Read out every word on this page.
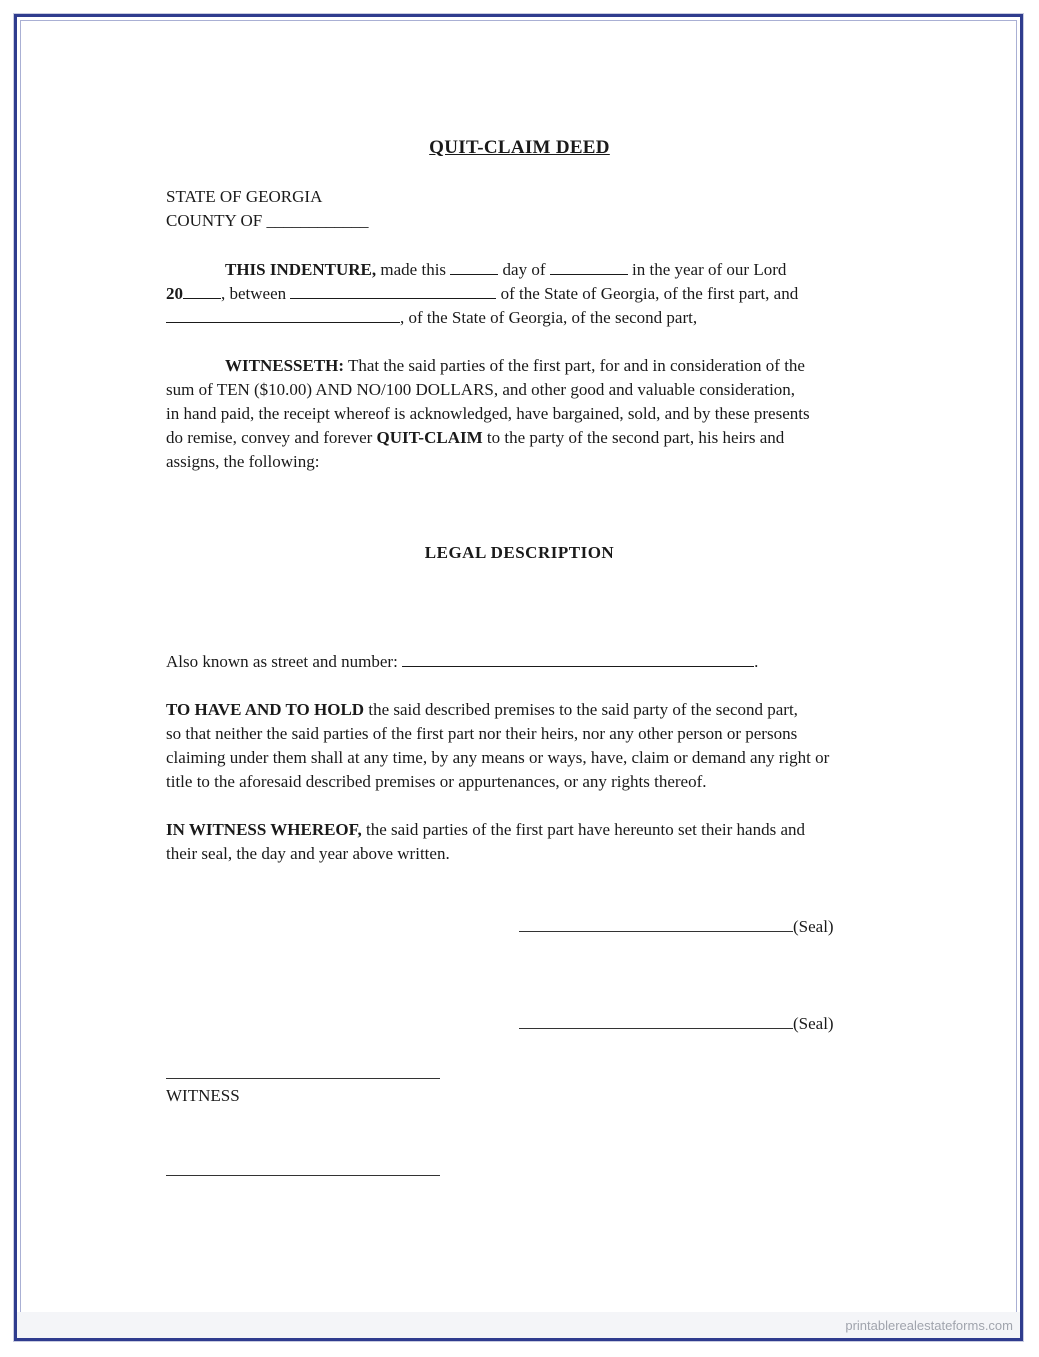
QUIT-CLAIM DEED
STATE OF GEORGIA
COUNTY OF ____________
THIS INDENTURE, made this	day of	in the year of our Lord
20 , between	of the State of Georgia, of the first part, and
, of the State of Georgia, of the second part,
WITNESSETH: That the said parties of the first part, for and in consideration of the
sum of TEN ($10.00) AND NO/100 DOLLARS, and other good and valuable consideration,
in hand paid, the receipt whereof is acknowledged, have bargained, sold, and by these presents
do remise, convey and forever QUIT-CLAIM to the party of the second part, his heirs and
assigns, the following:
LEGAL DESCRIPTION
Also known as street and number:	.
TO HAVE AND TO HOLD the said described premises to the said party of the second part,
so that neither the said parties of the first part nor their heirs, nor any other person or persons
claiming under them shall at any time, by any means or ways, have, claim or demand any right or
title to the aforesaid described premises or appurtenances, or any rights thereof.
IN WITNESS WHEREOF, the said parties of the first part have hereunto set their hands and
their seal, the day and year above written.
(Seal)
(Seal)
WITNESS
printablerealestateforms.com
